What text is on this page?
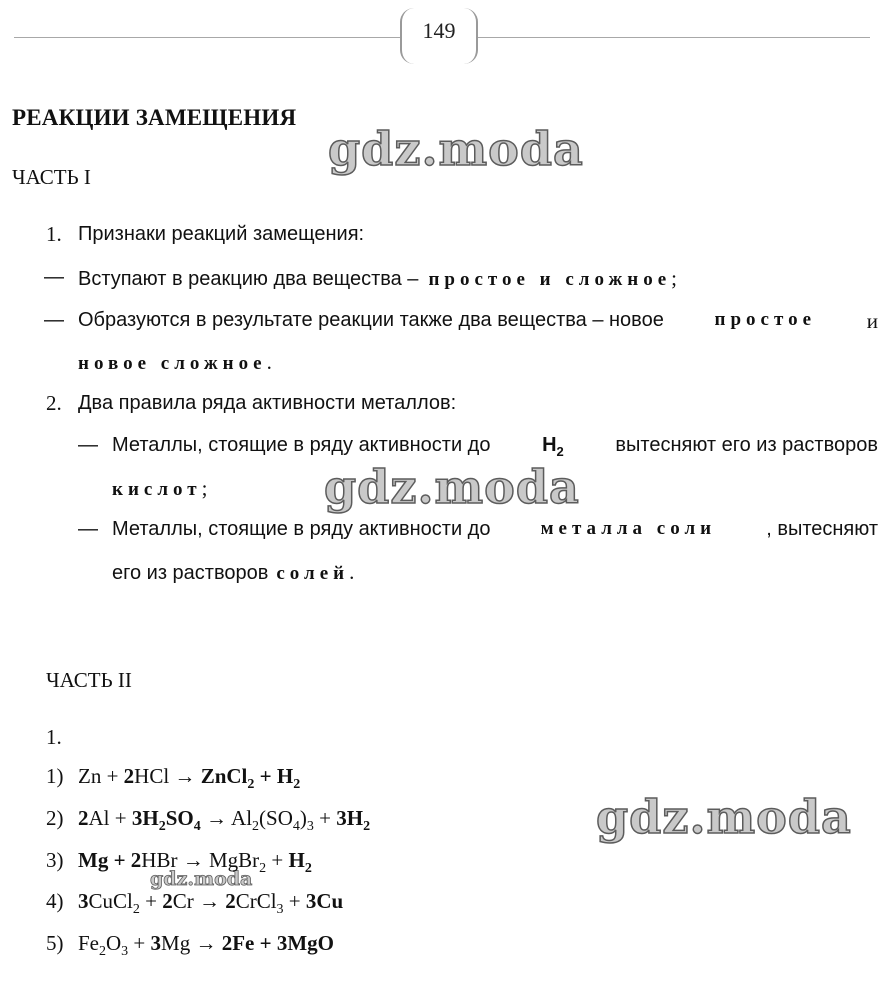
149
РЕАКЦИИ ЗАМЕЩЕНИЯ
gdz.moda
gdz.moda
gdz.moda
gdz.moda
ЧАСТЬ I
1. Признаки реакций замещения:
— Вступают в реакцию два вещества – простое и сложное;
— Образуются в результате реакции также два вещества – новое	простое и
новое сложное.
2. Два правила ряда активности металлов:
— Металлы, стоящие в ряду активности до	$H_2$	вытесняют его из растворов
кислот;
— Металлы, стоящие в ряду активности до	металла соли	, вытесняют
его из растворов солей.
ЧАСТЬ II
1.
1) Zn + 2HCl → ZnCl$_2$ + $H_2$
2) $2Al + 3H_2SO_4 \to Al_2(SO_4)_3 + 3H_2$
3) Mg + 2HBr → MgBr$_2$ + $H_2$
4) 3CuCl$_2$ + 2Cr → 2CrCl$_3$ + 3Cu
5) $Fe_2O_3 + 3Mg \to 2Fe + 3MgO$
